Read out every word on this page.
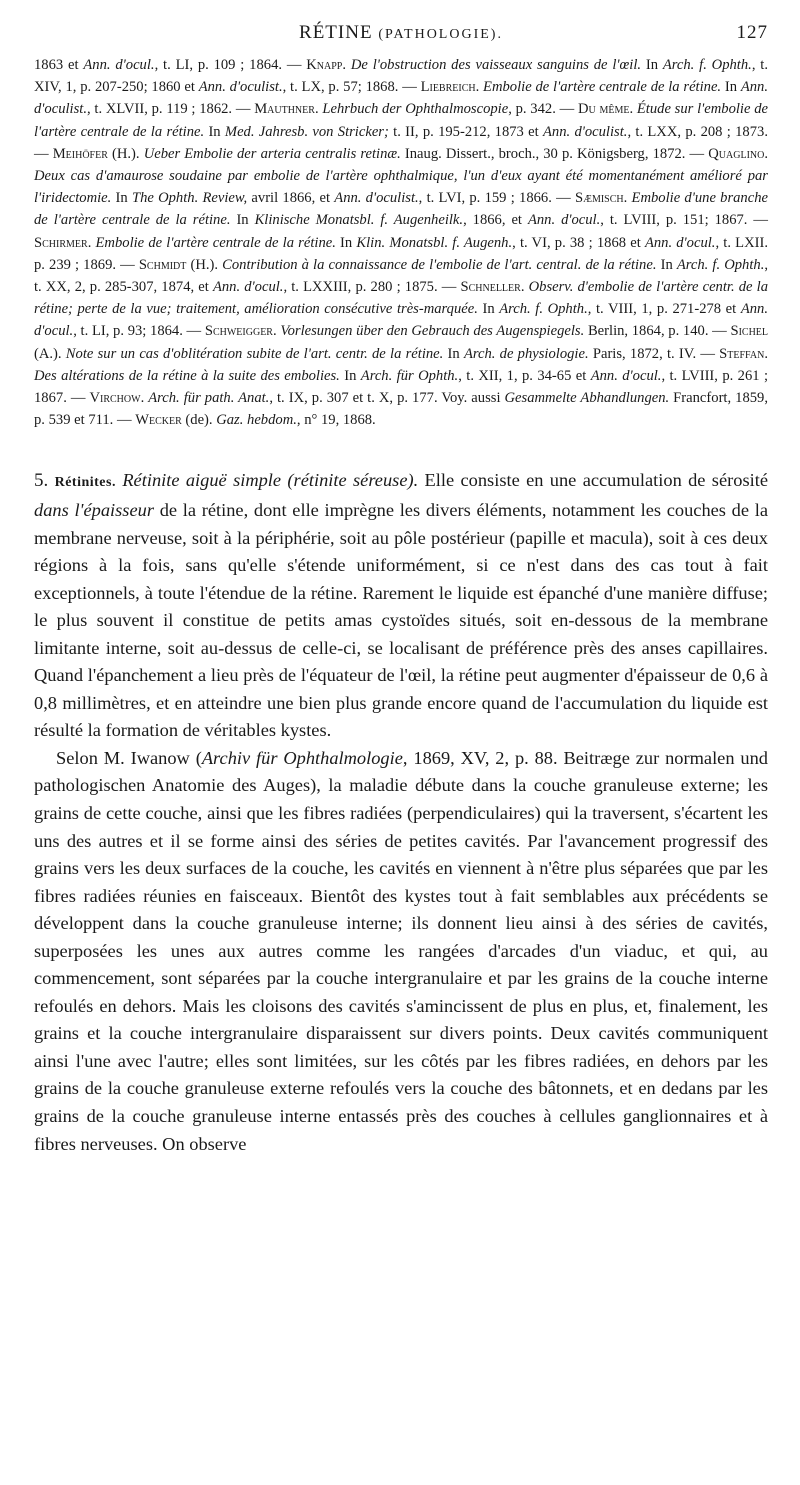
RÉTINE (PATHOLOGIE).	127

1863 et Ann. d'ocul., t. LI, p. 109 ; 1864. — Knapp. De l'obstruction des vaisseaux sanguins de l'œil. In Arch. f. Ophth., t. XIV, 1, p. 207-250; 1860 et Ann. d'oculist., t. LX, p. 57; 1868. — Liebreich. Embolie de l'artère centrale de la rétine. In Ann. d'oculist., t. XLVII, p. 119 ; 1862. — Mauthner. Lehrbuch der Ophthalmoscopie, p. 342. — Du même. Étude sur l'embolie de l'artère centrale de la rétine. In Med. Jahresb. von Stricker; t. II, p. 195-212, 1873 et Ann. d'oculist., t. LXX, p. 208 ; 1873. — Meihöfer (H.). Ueber Embolie der arteria centralis retinæ. Inaug. Dissert., broch., 30 p. Königsberg, 1872. — Quaglino. Deux cas d'amaurose soudaine par embolie de l'artère ophthalmique, l'un d'eux ayant été momentanément amélioré par l'iridectomie. In The Ophth. Review, avril 1866, et Ann. d'oculist., t. LVI, p. 159 ; 1866. — Sæmisch. Embolie d'une branche de l'artère centrale de la rétine. In Klinische Monatsbl. f. Augenheilk., 1866, et Ann. d'ocul., t. LVIII, p. 151; 1867. — Schirmer. Embolie de l'artère centrale de la rétine. In Klin. Monatsbl. f. Augenh., t. VI, p. 38 ; 1868 et Ann. d'ocul., t. LXII. p. 239 ; 1869. — Schmidt (H.). Contribution à la connaissance de l'embolie de l'art. central. de la rétine. In Arch. f. Ophth., t. XX, 2, p. 285-307, 1874, et Ann. d'ocul., t. LXXIII, p. 280 ; 1875. — Schneller. Observ. d'embolie de l'artère centr. de la rétine; perte de la vue; traitement, amélioration consécutive très-marquée. In Arch. f. Ophth., t. VIII, 1, p. 271-278 et Ann. d'ocul., t. LI, p. 93; 1864. — Schweigger. Vorlesungen über den Gebrauch des Augenspiegels. Berlin, 1864, p. 140. — Sichel (A.). Note sur un cas d'oblitération subite de l'art. centr. de la rétine. In Arch. de physiologie. Paris, 1872, t. IV. — Steffan. Des altérations de la rétine à la suite des embolies. In Arch. für Ophth., t. XII, 1, p. 34-65 et Ann. d'ocul., t. LVIII, p. 261 ; 1867. — Virchow. Arch. für path. Anat., t. IX, p. 307 et t. X, p. 177. Voy. aussi Gesammelte Abhandlungen. Francfort, 1859, p. 539 et 711. — Wecker (de). Gaz. hebdom., n° 19, 1868.

5. Rétinites. Rétinite aiguë simple (rétinite séreuse). Elle consiste en une accumulation de sérosité dans l'épaisseur de la rétine, dont elle imprègne les divers éléments, notamment les couches de la membrane nerveuse, soit à la périphérie, soit au pôle postérieur (papille et macula), soit à ces deux régions à la fois, sans qu'elle s'étende uniformément, si ce n'est dans des cas tout à fait exceptionnels, à toute l'étendue de la rétine. Rarement le liquide est épanché d'une manière diffuse; le plus souvent il constitue de petits amas cystoïdes situés, soit en-dessous de la membrane limitante interne, soit au-dessus de celle-ci, se localisant de préférence près des anses capillaires. Quand l'épanchement a lieu près de l'équateur de l'œil, la rétine peut augmenter d'épaisseur de 0,6 à 0,8 millimètres, et en atteindre une bien plus grande encore quand de l'accumulation du liquide est résulté la formation de véritables kystes.

Selon M. Iwanow (Archiv für Ophthalmologie, 1869, XV, 2, p. 88. Beitræge zur normalen und pathologischen Anatomie des Auges), la maladie débute dans la couche granuleuse externe; les grains de cette couche, ainsi que les fibres radiées (perpendiculaires) qui la traversent, s'écartent les uns des autres et il se forme ainsi des séries de petites cavités. Par l'avancement progressif des grains vers les deux surfaces de la couche, les cavités en viennent à n'être plus séparées que par les fibres radiées réunies en faisceaux. Bientôt des kystes tout à fait semblables aux précédents se développent dans la couche granuleuse interne; ils donnent lieu ainsi à des séries de cavités, superposées les unes aux autres comme les rangées d'arcades d'un viaduc, et qui, au commencement, sont séparées par la couche intergranulaire et par les grains de la couche interne refoulés en dehors. Mais les cloisons des cavités s'amincissent de plus en plus, et, finalement, les grains et la couche intergranulaire disparaissent sur divers points. Deux cavités communiquent ainsi l'une avec l'autre; elles sont limitées, sur les côtés par les fibres radiées, en dehors par les grains de la couche granuleuse externe refoulés vers la couche des bâtonnets, et en dedans par les grains de la couche granuleuse interne entassés près des couches à cellules ganglionnaires et à fibres nerveuses. On observe
